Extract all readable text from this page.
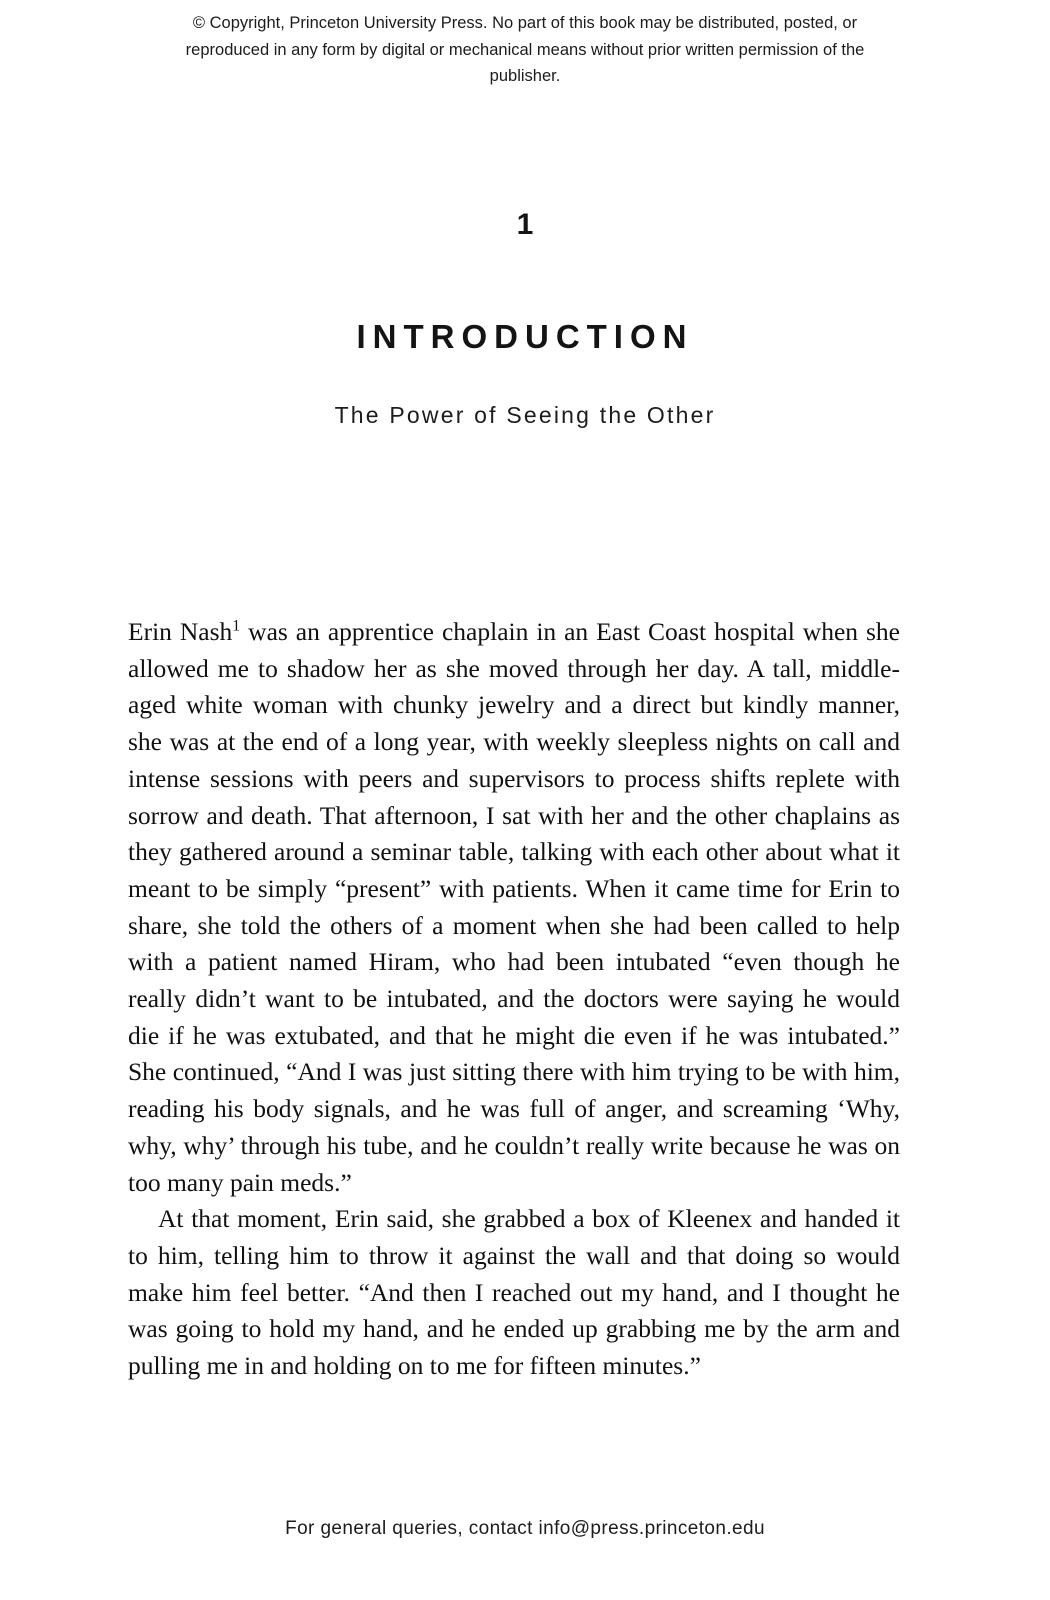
© Copyright, Princeton University Press. No part of this book may be distributed, posted, or reproduced in any form by digital or mechanical means without prior written permission of the publisher.
1
INTRODUCTION
The Power of Seeing the Other

Erin Nash$^1$ was an apprentice chaplain in an East Coast hospital when she allowed me to shadow her as she moved through her day. A tall, middle-aged white woman with chunky jewelry and a direct but kindly manner, she was at the end of a long year, with weekly sleepless nights on call and intense sessions with peers and supervisors to process shifts replete with sorrow and death. That afternoon, I sat with her and the other chaplains as they gathered around a seminar table, talking with each other about what it meant to be simply “present” with patients. When it came time for Erin to share, she told the others of a moment when she had been called to help with a patient named Hiram, who had been intubated “even though he really didn’t want to be intubated, and the doctors were saying he would die if he was extubated, and that he might die even if he was intubated.” She continued, “And I was just sitting there with him trying to be with him, reading his body signals, and he was full of anger, and screaming ‘Why, why, why’ through his tube, and he couldn’t really write because he was on too many pain meds.”

At that moment, Erin said, she grabbed a box of Kleenex and handed it to him, telling him to throw it against the wall and that doing so would make him feel better. “And then I reached out my hand, and I thought he was going to hold my hand, and he ended up grabbing me by the arm and pulling me in and holding on to me for fifteen minutes.”

For general queries, contact info@press.princeton.edu
